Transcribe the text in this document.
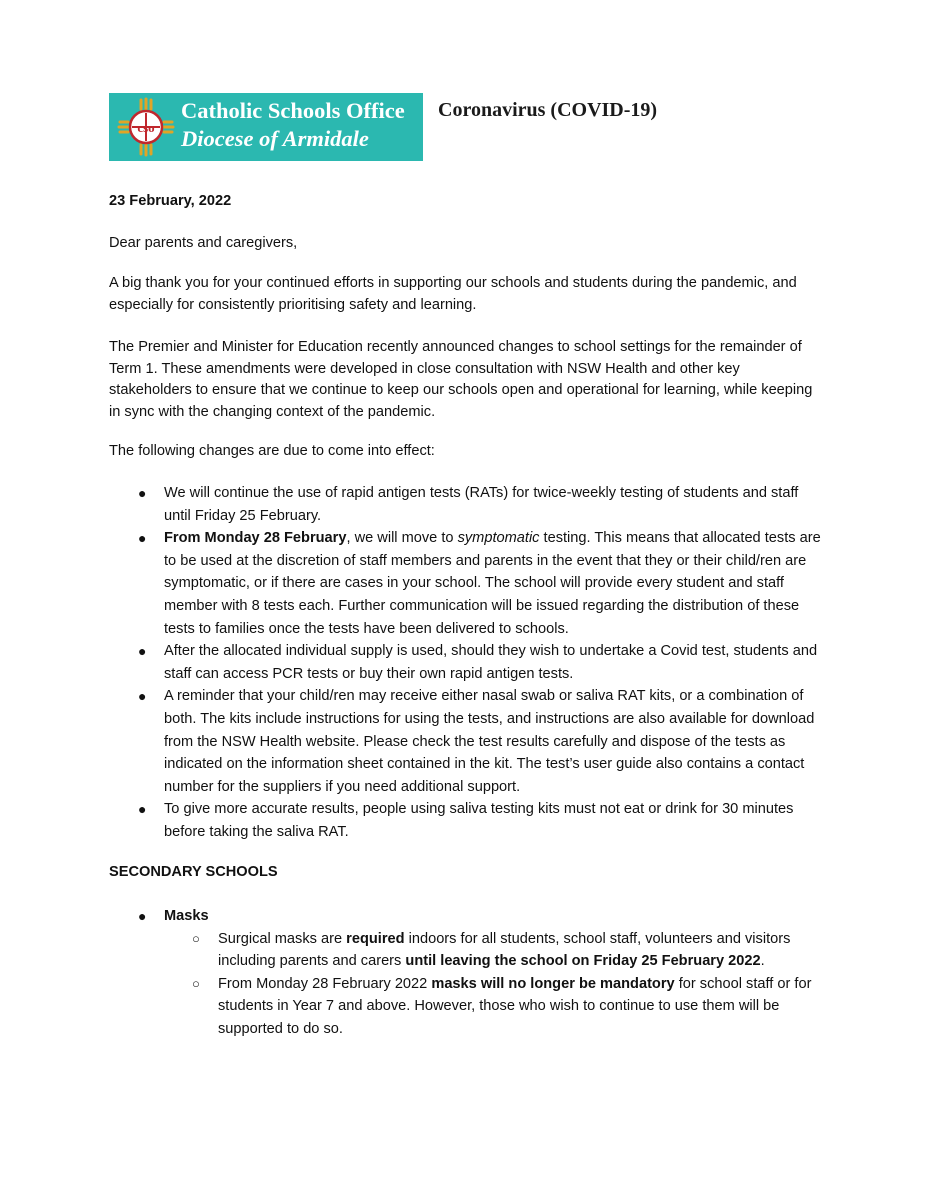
cso
Catholic Schools Office
Diocese of Armidale
Coronavirus (COVID-19)
23 February, 2022
Dear parents and caregivers,
A big thank you for your continued efforts in supporting our schools and students during the pandemic, and especially for consistently prioritising safety and learning.
The Premier and Minister for Education recently announced changes to school settings for the remainder of Term 1. These amendments were developed in close consultation with NSW Health and other key stakeholders to ensure that we continue to keep our schools open and operational for learning, while keeping in sync with the changing context of the pandemic.
The following changes are due to come into effect:
● We will continue the use of rapid antigen tests (RATs) for twice-weekly testing of students and staff until Friday 25 February.
● From Monday 28 February, we will move to symptomatic testing. This means that allocated tests are to be used at the discretion of staff members and parents in the event that they or their child/ren are symptomatic, or if there are cases in your school. The school will provide every student and staff member with 8 tests each. Further communication will be issued regarding the distribution of these tests to families once the tests have been delivered to schools.
● After the allocated individual supply is used, should they wish to undertake a Covid test, students and staff can access PCR tests or buy their own rapid antigen tests.
● A reminder that your child/ren may receive either nasal swab or saliva RAT kits, or a combination of both. The kits include instructions for using the tests, and instructions are also available for download from the NSW Health website. Please check the test results carefully and dispose of the tests as indicated on the information sheet contained in the kit. The test’s user guide also contains a contact number for the suppliers if you need additional support.
● To give more accurate results, people using saliva testing kits must not eat or drink for 30 minutes before taking the saliva RAT.
SECONDARY SCHOOLS
● Masks
○ Surgical masks are required indoors for all students, school staff, volunteers and visitors including parents and carers until leaving the school on Friday 25 February 2022.
○ From Monday 28 February 2022 masks will no longer be mandatory for school staff or for students in Year 7 and above. However, those who wish to continue to use them will be supported to do so.
